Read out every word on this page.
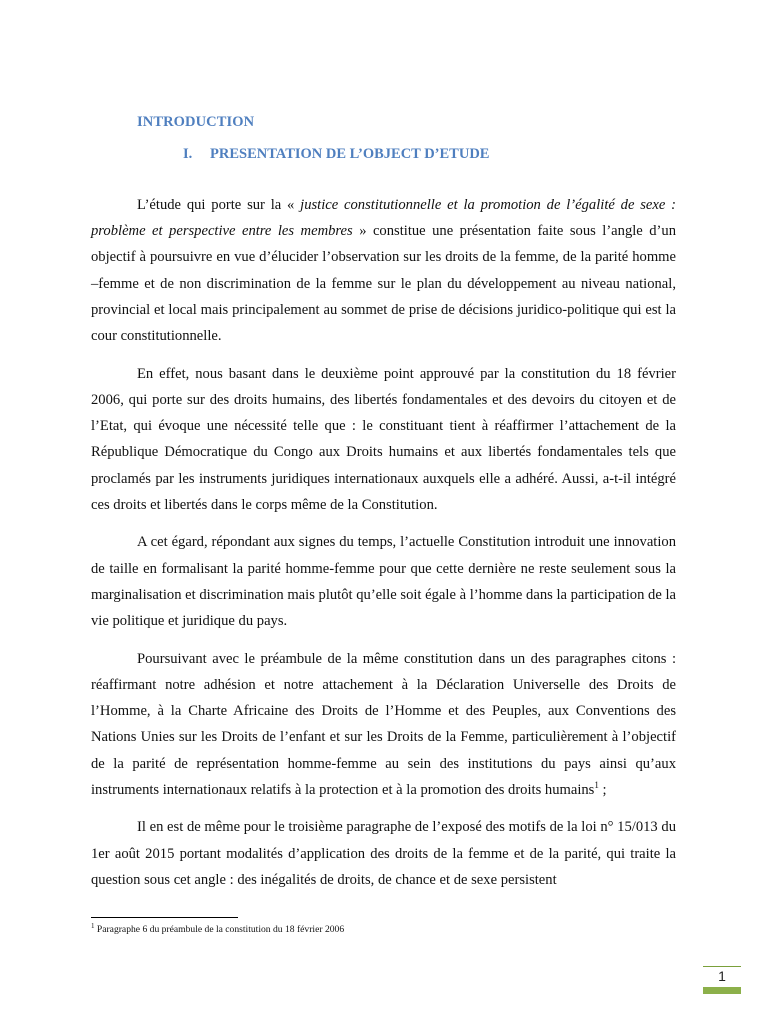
INTRODUCTION
I. PRESENTATION DE L’OBJECT D’ETUDE

L’étude qui porte sur la « justice constitutionnelle et la promotion de l’égalité de sexe : problème et perspective entre les membres » constitue une présentation faite sous l’angle d’un objectif à poursuivre en vue d’élucider l’observation sur les droits de la femme, de la parité homme –femme et de non discrimination de la femme sur le plan du développement au niveau national, provincial et local mais principalement au sommet de prise de décisions juridico-politique qui est la cour constitutionnelle.

En effet, nous basant dans le deuxième point approuvé par la constitution du 18 février 2006, qui porte sur des droits humains, des libertés fondamentales et des devoirs du citoyen et de l’Etat, qui évoque une nécessité telle que : le constituant tient à réaffirmer l’attachement de la République Démocratique du Congo aux Droits humains et aux libertés fondamentales tels que proclamés par les instruments juridiques internationaux auxquels elle a adhéré. Aussi, a-t-il intégré ces droits et libertés dans le corps même de la Constitution.

A cet égard, répondant aux signes du temps, l’actuelle Constitution introduit une innovation de taille en formalisant la parité homme-femme pour que cette dernière ne reste seulement sous la marginalisation et discrimination mais plutôt qu’elle soit égale à l’homme dans la participation de la vie politique et juridique du pays.

Poursuivant avec le préambule de la même constitution dans un des paragraphes citons : réaffirmant notre adhésion et notre attachement à la Déclaration Universelle des Droits de l’Homme, à la Charte Africaine des Droits de l’Homme et des Peuples, aux Conventions des Nations Unies sur les Droits de l’enfant et sur les Droits de la Femme, particulièrement à l’objectif de la parité de représentation homme-femme au sein des institutions du pays ainsi qu’aux instruments internationaux relatifs à la protection et à la promotion des droits humains$^1$ ;

Il en est de même pour le troisième paragraphe de l’exposé des motifs de la loi n° 15/013 du 1er août 2015 portant modalités d’application des droits de la femme et de la parité, qui traite la question sous cet angle : des inégalités de droits, de chance et de sexe persistent

$^1$ Paragraphe 6 du préambule de la constitution du 18 février 2006
1
